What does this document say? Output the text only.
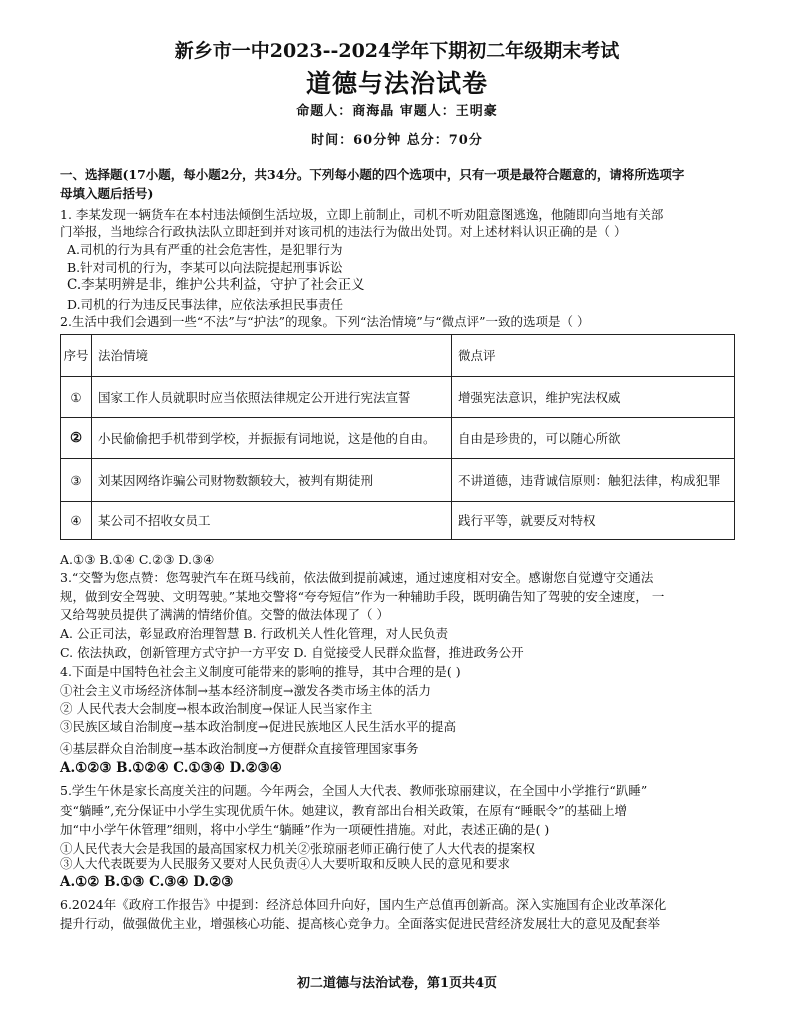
新乡市一中2023--2024学年下期初二年级期末考试
道德与法治试卷
命题人：商海晶 审题人：王明豪
时间：60分钟 总分：70分
一、选择题(17小题，每小题2分，共34分。下列每小题的四个选项中，只有一项是最符合题意的，请将所选项字
母填入题后括号)
1. 李某发现一辆货车在本村违法倾倒生活垃圾，立即上前制止，司机不听劝阻意图逃逸，他随即向当地有关部
门举报，当地综合行政执法队立即赶到并对该司机的违法行为做出处罚。对上述材料认识正确的是（ ）
A.司机的行为具有严重的社会危害性，是犯罪行为
B.针对司机的行为，李某可以向法院提起刑事诉讼
C.李某明辨是非，维护公共利益，守护了社会正义
D.司机的行为违反民事法律，应依法承担民事责任
2.生活中我们会遇到一些“不法”与“护法”的现象。下列“法治情境”与“微点评”一致的选项是（ ）
序号	法治情境	微点评
①	国家工作人员就职时应当依照法律规定公开进行宪法宣誓	增强宪法意识，维护宪法权威
②	小民偷偷把手机带到学校，并振振有词地说，这是他的自由。	自由是珍贵的，可以随心所欲
③	刘某因网络诈骗公司财物数额较大，被判有期徒刑	不讲道德，违背诚信原则：触犯法律，构成犯罪
④	某公司不招收女员工	践行平等，就要反对特权
A.①③ B.①④ C.②③ D.③④
3.“交警为您点赞：您驾驶汽车在斑马线前，依法做到提前减速，通过速度相对安全。感谢您自觉遵守交通法
规，做到安全驾驶、文明驾驶。”某地交警将“夸夸短信”作为一种辅助手段，既明确告知了驾驶的安全速度， 一
又给驾驶员提供了满满的情绪价值。交警的做法体现了（ ）
A. 公正司法，彰显政府治理智慧 B. 行政机关人性化管理，对人民负责
C. 依法执政，创新管理方式守护一方平安 D. 自觉接受人民群众监督，推进政务公开
4.下面是中国特色社会主义制度可能带来的影响的推导，其中合理的是( )
①社会主义市场经济体制→基本经济制度→激发各类市场主体的活力
② 人民代表大会制度→根本政治制度→保证人民当家作主
③民族区域自治制度→基本政治制度→促进民族地区人民生活水平的提高
④基层群众自治制度→基本政治制度→方便群众直接管理国家事务
A.①②③ B.①②④ C.①③④ D.②③④
5.学生午休是家长高度关注的问题。今年两会，全国人大代表、教师张琼丽建议，在全国中小学推行“趴睡”
变“躺睡”,充分保证中小学生实现优质午休。她建议，教育部出台相关政策，在原有“睡眠令”的基础上增
加“中小学午休管理”细则，将中小学生“躺睡”作为一项硬性措施。对此，表述正确的是( )
①人民代表大会是我国的最高国家权力机关②张琼丽老师正确行使了人大代表的提案权
③人大代表既要为人民服务又要对人民负责④人大要听取和反映人民的意见和要求
A.①② B.①③ C.③④ D.②③
6.2024年《政府工作报告》中提到：经济总体回升向好，国内生产总值再创新高。深入实施国有企业改革深化
提升行动，做强做优主业，增强核心功能、提高核心竞争力。全面落实促进民营经济发展壮大的意见及配套举
初二道德与法治试卷，第1页共4页
